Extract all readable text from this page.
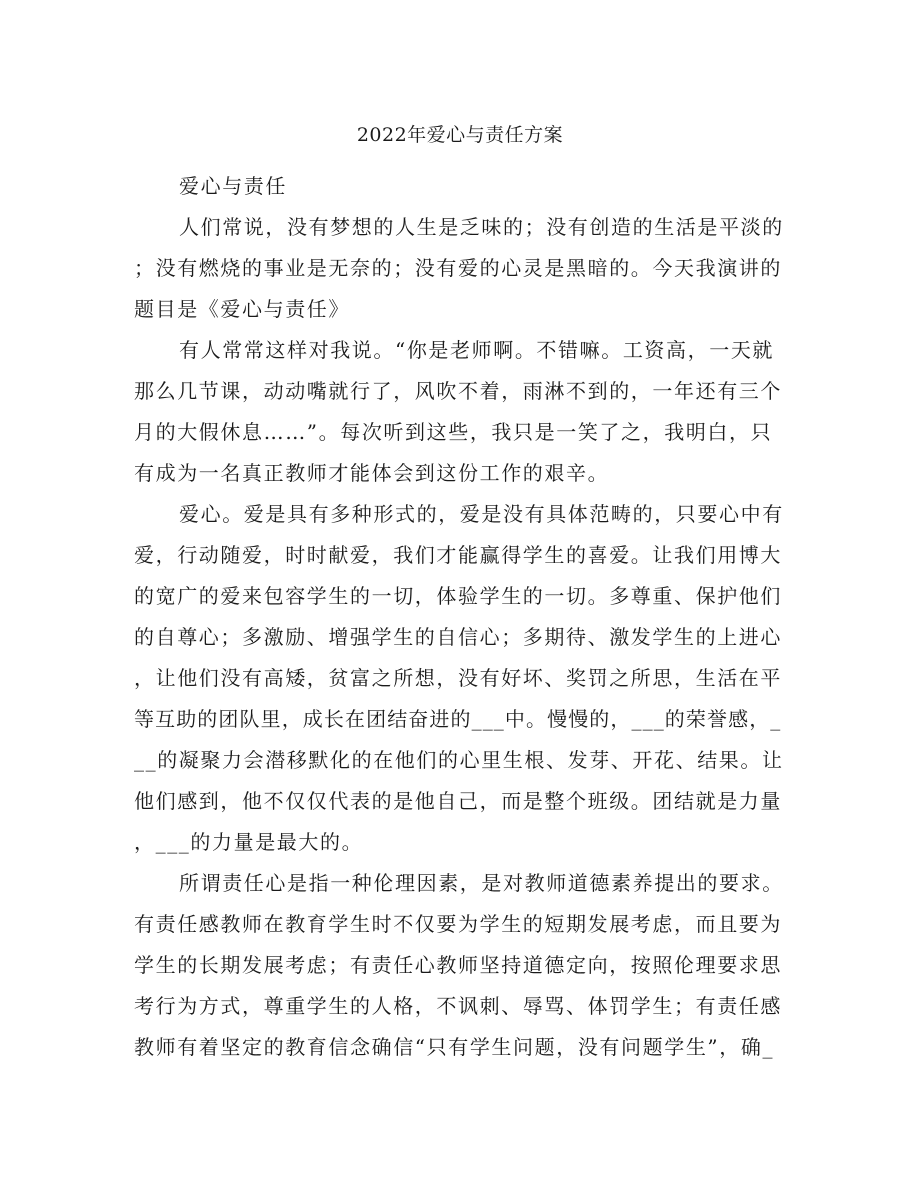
2022年爱心与责任方案
爱心与责任
人们常说，没有梦想的人生是乏味的；没有创造的生活是平淡的
；没有燃烧的事业是无奈的；没有爱的心灵是黑暗的。今天我演讲的
题目是《爱心与责任》
有人常常这样对我说。“你是老师啊。不错嘛。工资高，一天就
那么几节课，动动嘴就行了，风吹不着，雨淋不到的，一年还有三个
月的大假休息……”。每次听到这些，我只是一笑了之，我明白，只
有成为一名真正教师才能体会到这份工作的艰辛。
爱心。爱是具有多种形式的，爱是没有具体范畴的，只要心中有
爱，行动随爱，时时献爱，我们才能赢得学生的喜爱。让我们用博大
的宽广的爱来包容学生的一切，体验学生的一切。多尊重、保护他们
的自尊心；多激励、增强学生的自信心；多期待、激发学生的上进心
，让他们没有高矮，贫富之所想，没有好坏、奖罚之所思，生活在平
等互助的团队里，成长在团结奋进的___中。慢慢的，___的荣誉感，_
__的凝聚力会潜移默化的在他们的心里生根、发芽、开花、结果。让
他们感到，他不仅仅代表的是他自己，而是整个班级。团结就是力量
，___的力量是最大的。
所谓责任心是指一种伦理因素，是对教师道德素养提出的要求。
有责任感教师在教育学生时不仅要为学生的短期发展考虑，而且要为
学生的长期发展考虑；有责任心教师坚持道德定向，按照伦理要求思
考行为方式，尊重学生的人格，不讽刺、辱骂、体罚学生；有责任感
教师有着坚定的教育信念确信“只有学生问题，没有问题学生”，确_
